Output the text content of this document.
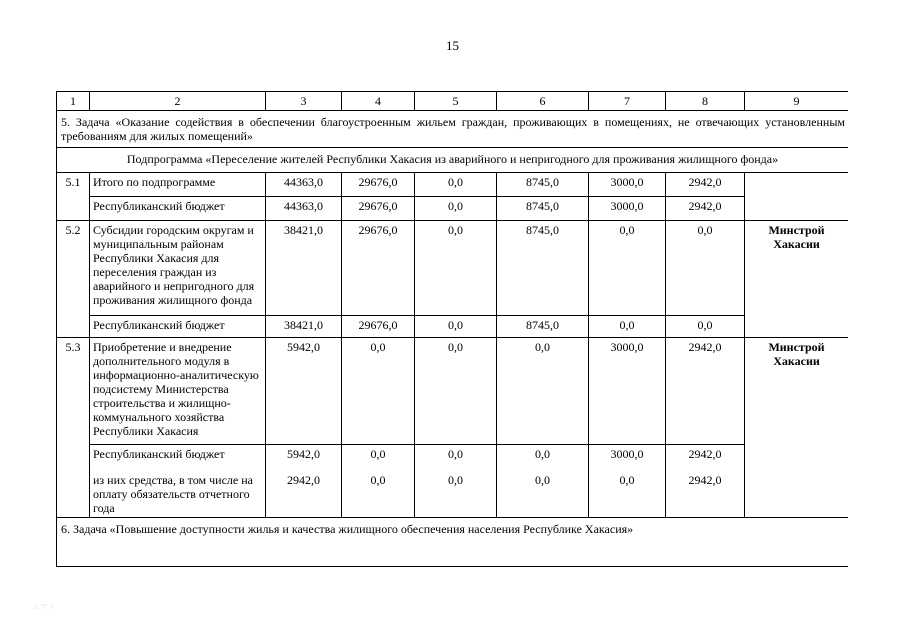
15
1	2	3	4	5	6	7	8	9
5. Задача «Оказание содействия в обеспечении благоустроенным жильем граждан, проживающих в помещениях, не отвечающих установленным требованиям для жилых помещений»								
Подпрограмма «Переселение жителей Республики Хакасия из аварийного и непригодного для проживания жилищного фонда»								
5.1	Итого по подпрограмме	44363,0	29676,0	0,0	8745,0	3000,0	2942,0	
	Республиканский бюджет	44363,0	29676,0	0,0	8745,0	3000,0	2942,0	
5.2	Субсидии городским округам и муниципальным районам Республики Хакасия для переселения граждан из аварийного и непригодного для проживания жилищного фонда	38421,0	29676,0	0,0	8745,0	0,0	0,0	Минстрой Хакасии
	Республиканский бюджет	38421,0	29676,0	0,0	8745,0	0,0	0,0	
5.3	Приобретение и внедрение дополнительного модуля в информационно-аналитическую подсистему Министерства строительства и жилищно-коммунального хозяйства Республики Хакасия	5942,0	0,0	0,0	0,0	3000,0	2942,0	Минстрой Хакасии
	Республиканский бюджет	5942,0	0,0	0,0	0,0	3000,0	2942,0	
	из них средства, в том числе на оплату обязательств отчетного года	2942,0	0,0	0,0	0,0	0,0	2942,0	
6. Задача «Повышение доступности жилья и качества жилищного обеспечения населения Республике Хакасия»								
∴ ∵ ⁘
